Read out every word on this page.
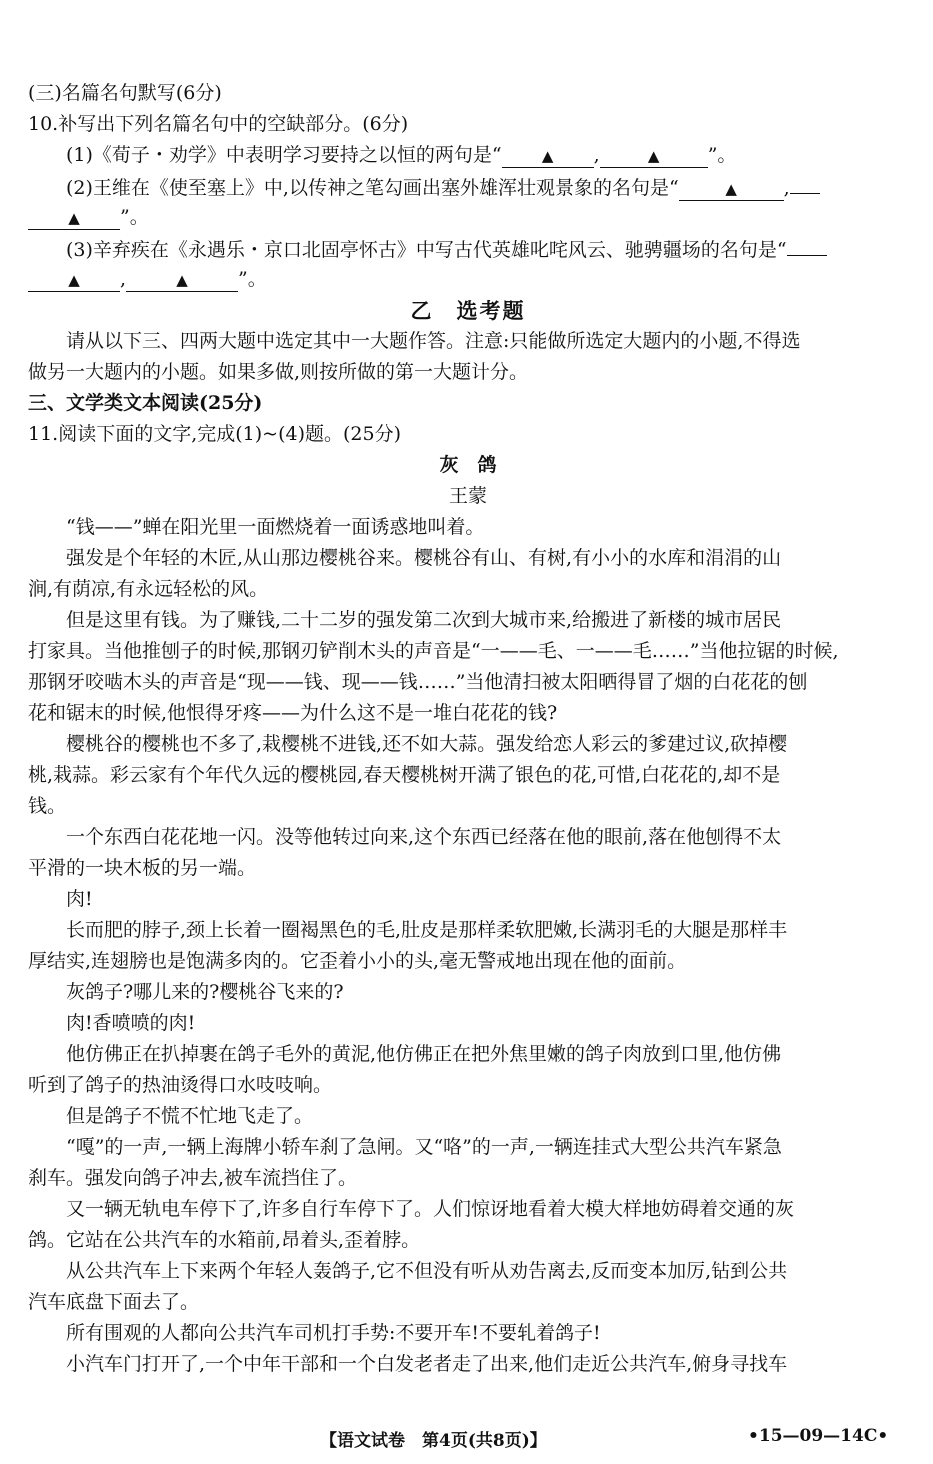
(三)名篇名句默写(6分)
10.补写出下列名篇名句中的空缺部分。(6分)
(1)《荀子・劝学》中表明学习要持之以恒的两句是“	▲ ,	▲	”。
(2)王维在《使至塞上》中,以传神之笔勾画出塞外雄浑壮观景象的名句是“	▲ ,
▲ ”。
(3)辛弃疾在《永遇乐・京口北固亭怀古》中写古代英雄叱咤风云、驰骋疆场的名句是“
▲ ,	▲	”。
乙　选考题
请从以下三、四两大题中选定其中一大题作答。注意:只能做所选定大题内的小题,不得选
做另一大题内的小题。如果多做,则按所做的第一大题计分。
三、文学类文本阅读(25分)
11.阅读下面的文字,完成(1)~(4)题。(25分)
灰　鸽
王蒙
“钱——”蝉在阳光里一面燃烧着一面诱惑地叫着。
强发是个年轻的木匠,从山那边樱桃谷来。樱桃谷有山、有树,有小小的水库和涓涓的山
涧,有荫凉,有永远轻松的风。
但是这里有钱。为了赚钱,二十二岁的强发第二次到大城市来,给搬进了新楼的城市居民
打家具。当他推刨子的时候,那钢刃铲削木头的声音是“一——毛、一——毛……”当他拉锯的时候,
那钢牙咬啮木头的声音是“现——钱、现——钱……”当他清扫被太阳晒得冒了烟的白花花的刨
花和锯末的时候,他恨得牙疼——为什么这不是一堆白花花的钱?
樱桃谷的樱桃也不多了,栽樱桃不进钱,还不如大蒜。强发给恋人彩云的爹建过议,砍掉樱
桃,栽蒜。彩云家有个年代久远的樱桃园,春天樱桃树开满了银色的花,可惜,白花花的,却不是
钱。
一个东西白花花地一闪。没等他转过向来,这个东西已经落在他的眼前,落在他刨得不太
平滑的一块木板的另一端。
肉!
长而肥的脖子,颈上长着一圈褐黑色的毛,肚皮是那样柔软肥嫩,长满羽毛的大腿是那样丰
厚结实,连翅膀也是饱满多肉的。它歪着小小的头,毫无警戒地出现在他的面前。
灰鸽子?哪儿来的?樱桃谷飞来的?
肉!香喷喷的肉!
他仿佛正在扒掉裹在鸽子毛外的黄泥,他仿佛正在把外焦里嫩的鸽子肉放到口里,他仿佛
听到了鸽子的热油烫得口水吱吱响。
但是鸽子不慌不忙地飞走了。
“嘎”的一声,一辆上海牌小轿车刹了急闸。又“咯”的一声,一辆连挂式大型公共汽车紧急
刹车。强发向鸽子冲去,被车流挡住了。
又一辆无轨电车停下了,许多自行车停下了。人们惊讶地看着大模大样地妨碍着交通的灰
鸽。它站在公共汽车的水箱前,昂着头,歪着脖。
从公共汽车上下来两个年轻人轰鸽子,它不但没有听从劝告离去,反而变本加厉,钻到公共
汽车底盘下面去了。
所有围观的人都向公共汽车司机打手势:不要开车!不要轧着鸽子!
小汽车门打开了,一个中年干部和一个白发老者走了出来,他们走近公共汽车,俯身寻找车
【语文试卷　第4页(共8页)】	•15—09—14C•
